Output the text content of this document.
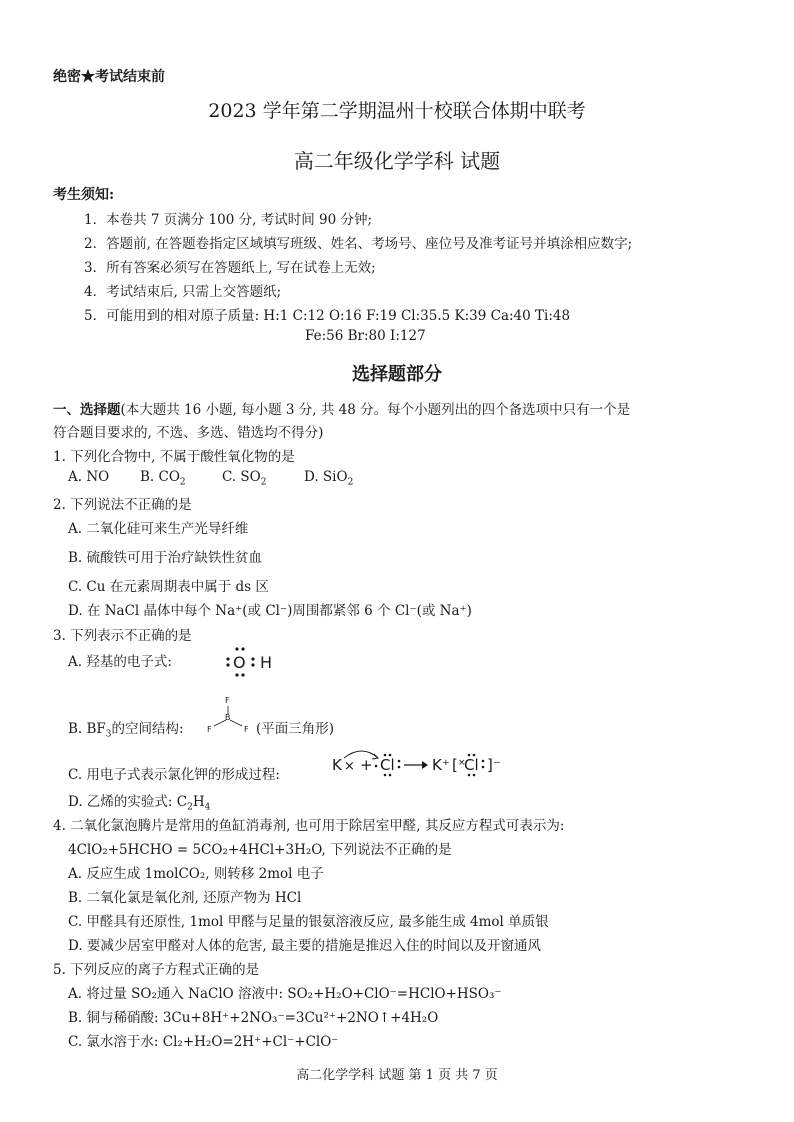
绝密★考试结束前
2023 学年第二学期温州十校联合体期中联考
高二年级化学学科 试题
考生须知:
1．本卷共 7 页满分 100 分, 考试时间 90 分钟;
2．答题前, 在答题卷指定区域填写班级、姓名、考场号、座位号及准考证号并填涂相应数字;
3．所有答案必须写在答题纸上, 写在试卷上无效;
4．考试结束后, 只需上交答题纸;
5．可能用到的相对原子质量: H:1 C:12 O:16 F:19 Cl:35.5 K:39 Ca:40 Ti:48
Fe:56 Br:80 I:127
选择题部分
一、选择题(本大题共 16 小题, 每小题 3 分, 共 48 分。每个小题列出的四个备选项中只有一个是
符合题目要求的, 不选、多选、错选均不得分)
1. 下列化合物中, 不属于酸性氧化物的是
A. NO B. $CO_2$	C. $SO_2$	D. SiO$_2$
2. 下列说法不正确的是
A. 二氧化硅可来生产光导纤维
B. 硫酸铁可用于治疗缺铁性贫血
C. Cu 在元素周期表中属于 ds 区
D. 在 NaCl 晶体中每个 Na⁺(或 Cl⁻)周围都紧邻 6 个 Cl⁻(或 Na⁺)
3. 下列表示不正确的是
A. 羟基的电子式:	O H
B. $BF_3$的空间结构:
F
B
F	F (平面三角形)
C. 用电子式表示氯化钾的形成过程:
K × + Cl K⁺ [ ×
Cl ]⁻
D. 乙烯的实验式: $C_2H_4$
4. 二氧化氯泡腾片是常用的鱼缸消毒剂, 也可用于除居室甲醛, 其反应方程式可表示为:
4ClO₂+5HCHO = 5CO₂+4HCl+3H₂O, 下列说法不正确的是
A. 反应生成 1molCO₂, 则转移 2mol 电子
B. 二氧化氯是氧化剂, 还原产物为 HCl
C. 甲醛具有还原性, 1mol 甲醛与足量的银氨溶液反应, 最多能生成 4mol 单质银
D. 要减少居室甲醛对人体的危害, 最主要的措施是推迟入住的时间以及开窗通风
5. 下列反应的离子方程式正确的是
A. 将过量 SO₂通入 NaClO 溶液中: SO₂+H₂O+ClO⁻=HClO+HSO₃⁻
B. 铜与稀硝酸: 3Cu+8H⁺+2NO₃⁻=3Cu²⁺+2NO↑+4H₂O
C. 氯水溶于水: Cl₂+H₂O=2H⁺+Cl⁻+ClO⁻
高二化学学科 试题 第 1 页 共 7 页
